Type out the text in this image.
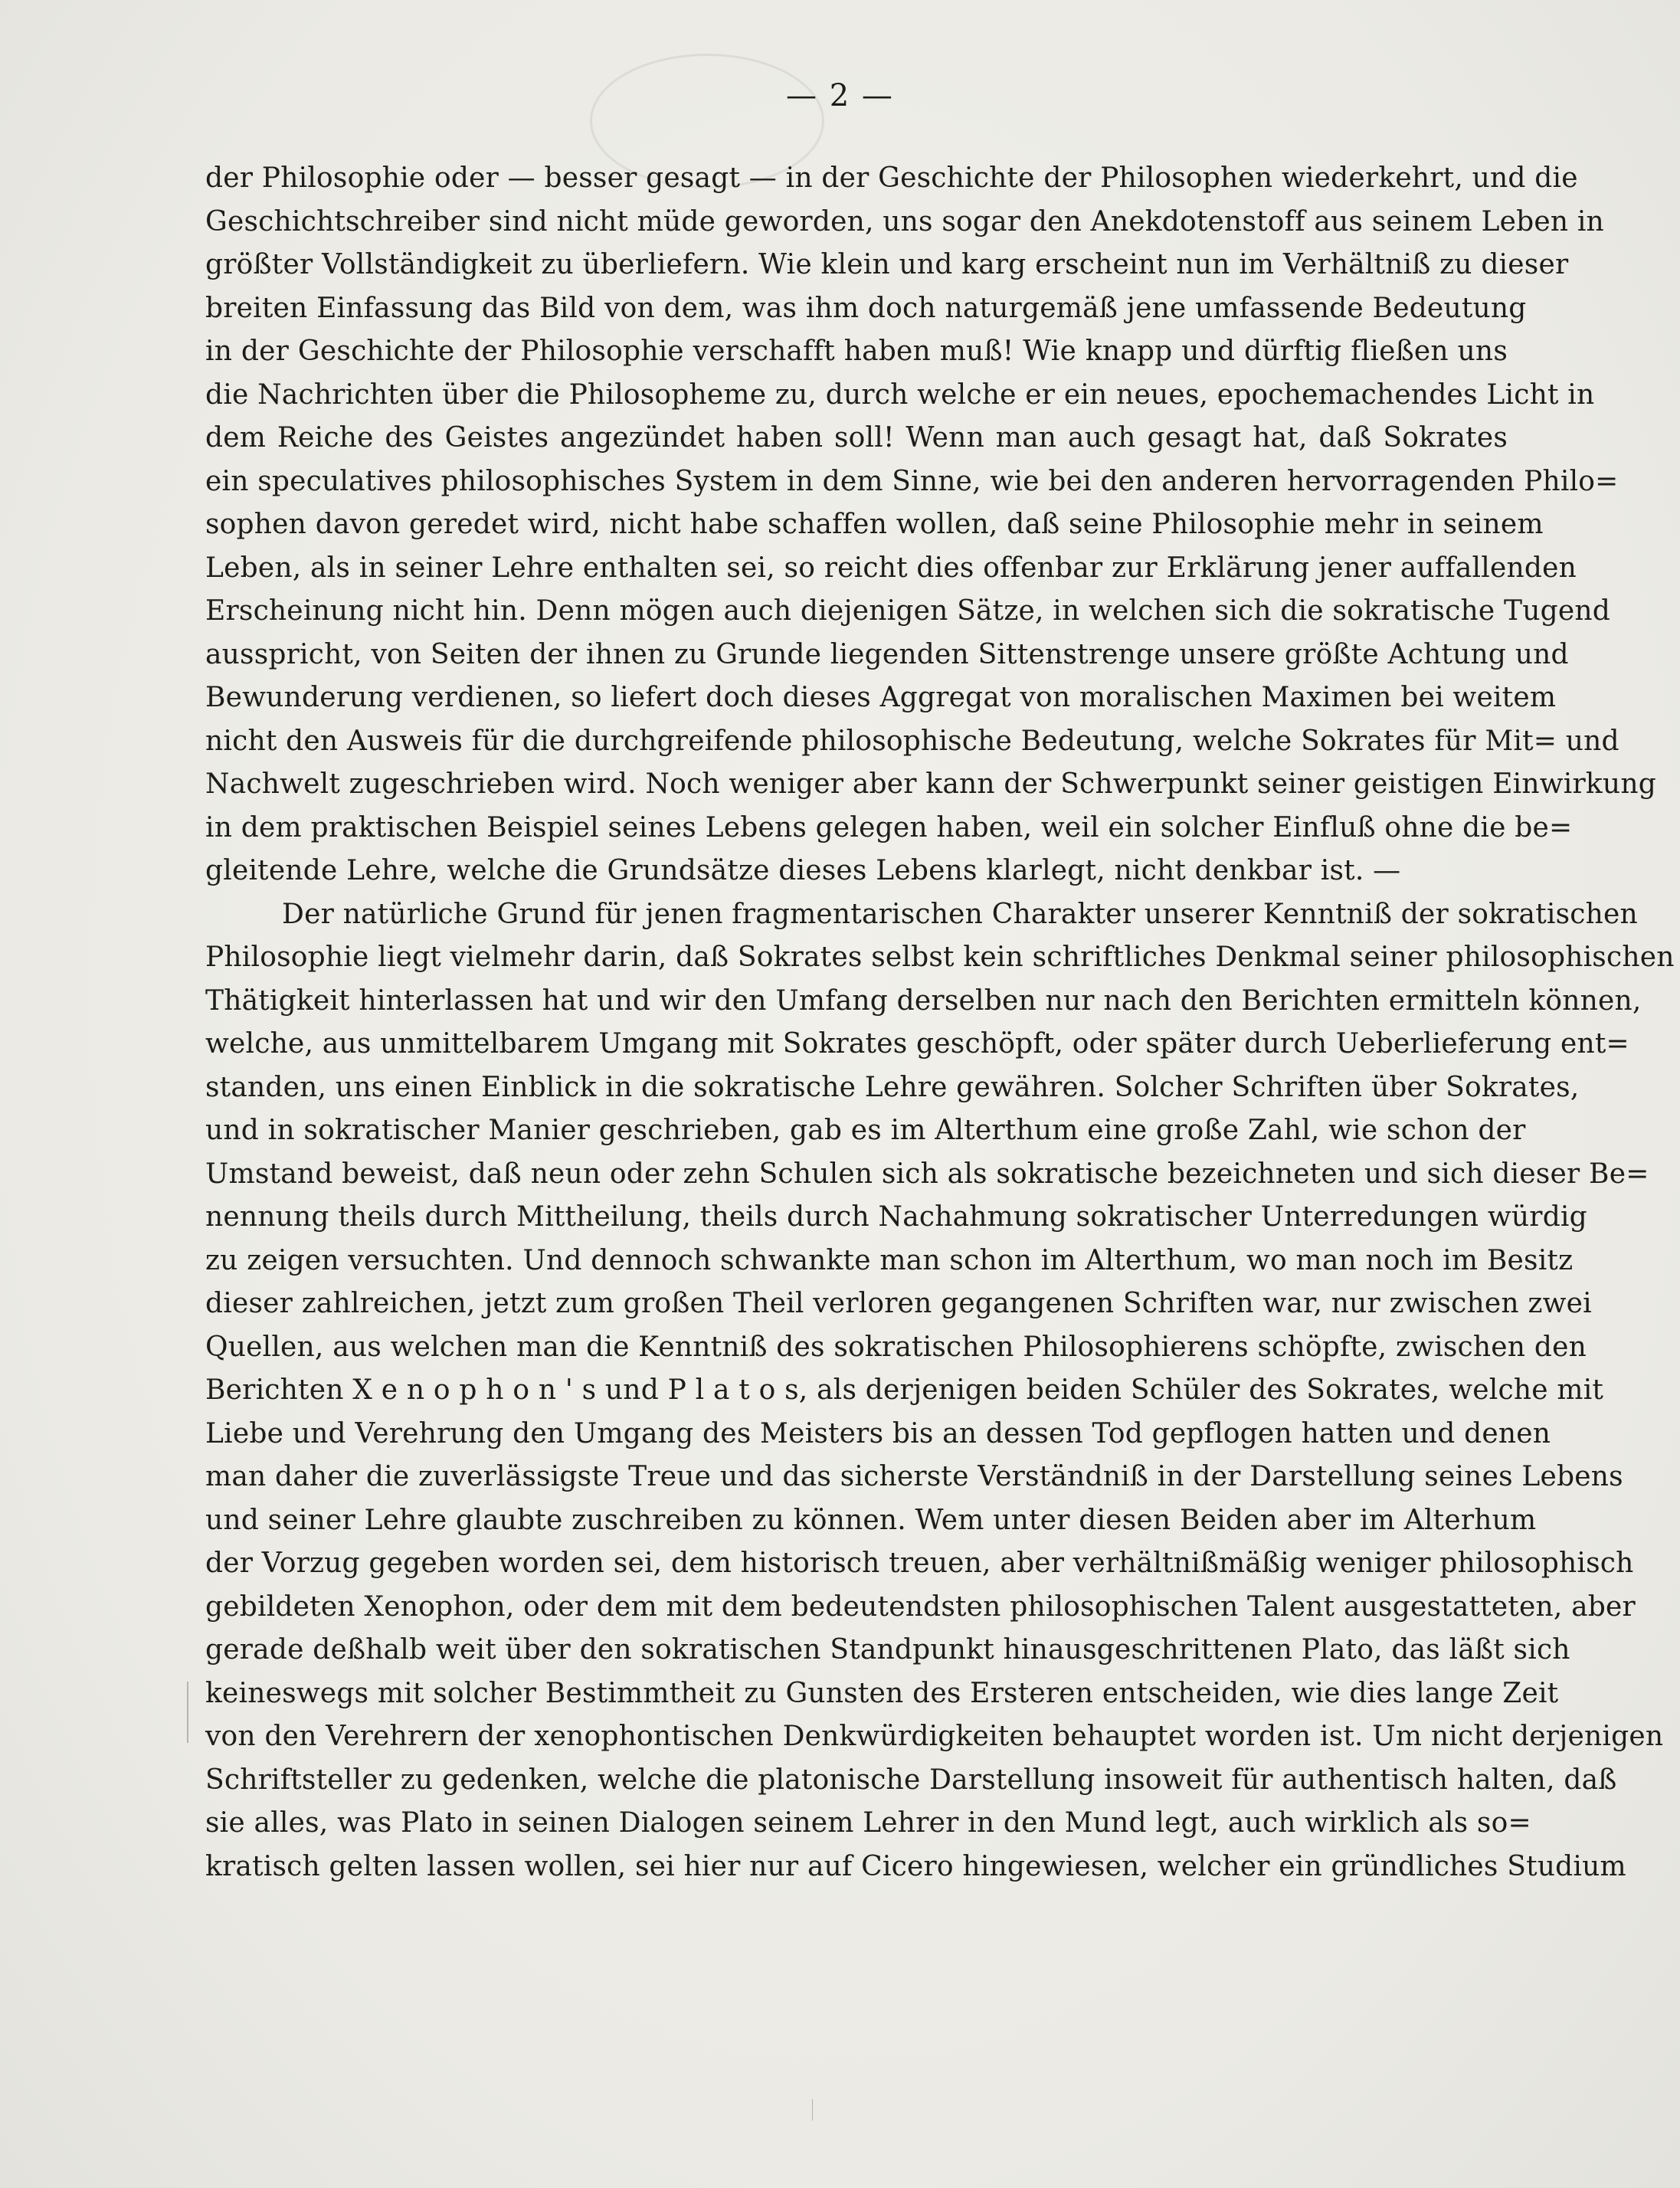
— 2 —
der Philosophie oder — besser gesagt — in der Geschichte der Philosophen wiederkehrt, und die
Geschichtschreiber sind nicht müde geworden, uns sogar den Anekdotenstoff aus seinem Leben in
größter Vollständigkeit zu überliefern. Wie klein und karg erscheint nun im Verhältniß zu dieser
breiten Einfassung das Bild von dem, was ihm doch naturgemäß jene umfassende Bedeutung
in der Geschichte der Philosophie verschafft haben muß! Wie knapp und dürftig fließen uns
die Nachrichten über die Philosopheme zu, durch welche er ein neues, epochemachendes Licht in
dem Reiche des Geistes angezündet haben soll! Wenn man auch gesagt hat, daß Sokrates
ein speculatives philosophisches System in dem Sinne, wie bei den anderen hervorragenden Philo=
sophen davon geredet wird, nicht habe schaffen wollen, daß seine Philosophie mehr in seinem
Leben, als in seiner Lehre enthalten sei, so reicht dies offenbar zur Erklärung jener auffallenden
Erscheinung nicht hin. Denn mögen auch diejenigen Sätze, in welchen sich die sokratische Tugend
ausspricht, von Seiten der ihnen zu Grunde liegenden Sittenstrenge unsere größte Achtung und
Bewunderung verdienen, so liefert doch dieses Aggregat von moralischen Maximen bei weitem
nicht den Ausweis für die durchgreifende philosophische Bedeutung, welche Sokrates für Mit= und
Nachwelt zugeschrieben wird. Noch weniger aber kann der Schwerpunkt seiner geistigen Einwirkung
in dem praktischen Beispiel seines Lebens gelegen haben, weil ein solcher Einfluß ohne die be=
gleitende Lehre, welche die Grundsätze dieses Lebens klarlegt, nicht denkbar ist. —
Der natürliche Grund für jenen fragmentarischen Charakter unserer Kenntniß der sokratischen
Philosophie liegt vielmehr darin, daß Sokrates selbst kein schriftliches Denkmal seiner philosophischen
Thätigkeit hinterlassen hat und wir den Umfang derselben nur nach den Berichten ermitteln können,
welche, aus unmittelbarem Umgang mit Sokrates geschöpft, oder später durch Ueberlieferung ent=
standen, uns einen Einblick in die sokratische Lehre gewähren. Solcher Schriften über Sokrates,
und in sokratischer Manier geschrieben, gab es im Alterthum eine große Zahl, wie schon der
Umstand beweist, daß neun oder zehn Schulen sich als sokratische bezeichneten und sich dieser Be=
nennung theils durch Mittheilung, theils durch Nachahmung sokratischer Unterredungen würdig
zu zeigen versuchten. Und dennoch schwankte man schon im Alterthum, wo man noch im Besitz
dieser zahlreichen, jetzt zum großen Theil verloren gegangenen Schriften war, nur zwischen zwei
Quellen, aus welchen man die Kenntniß des sokratischen Philosophierens schöpfte, zwischen den
Berichten X e n o p h o n ' s und P l a t o s, als derjenigen beiden Schüler des Sokrates, welche mit
Liebe und Verehrung den Umgang des Meisters bis an dessen Tod gepflogen hatten und denen
man daher die zuverlässigste Treue und das sicherste Verständniß in der Darstellung seines Lebens
und seiner Lehre glaubte zuschreiben zu können. Wem unter diesen Beiden aber im Alterhum
der Vorzug gegeben worden sei, dem historisch treuen, aber verhältnißmäßig weniger philosophisch
gebildeten Xenophon, oder dem mit dem bedeutendsten philosophischen Talent ausgestatteten, aber
gerade deßhalb weit über den sokratischen Standpunkt hinausgeschrittenen Plato, das läßt sich
keineswegs mit solcher Bestimmtheit zu Gunsten des Ersteren entscheiden, wie dies lange Zeit
von den Verehrern der xenophontischen Denkwürdigkeiten behauptet worden ist. Um nicht derjenigen
Schriftsteller zu gedenken, welche die platonische Darstellung insoweit für authentisch halten, daß
sie alles, was Plato in seinen Dialogen seinem Lehrer in den Mund legt, auch wirklich als so=
kratisch gelten lassen wollen, sei hier nur auf Cicero hingewiesen, welcher ein gründliches Studium
